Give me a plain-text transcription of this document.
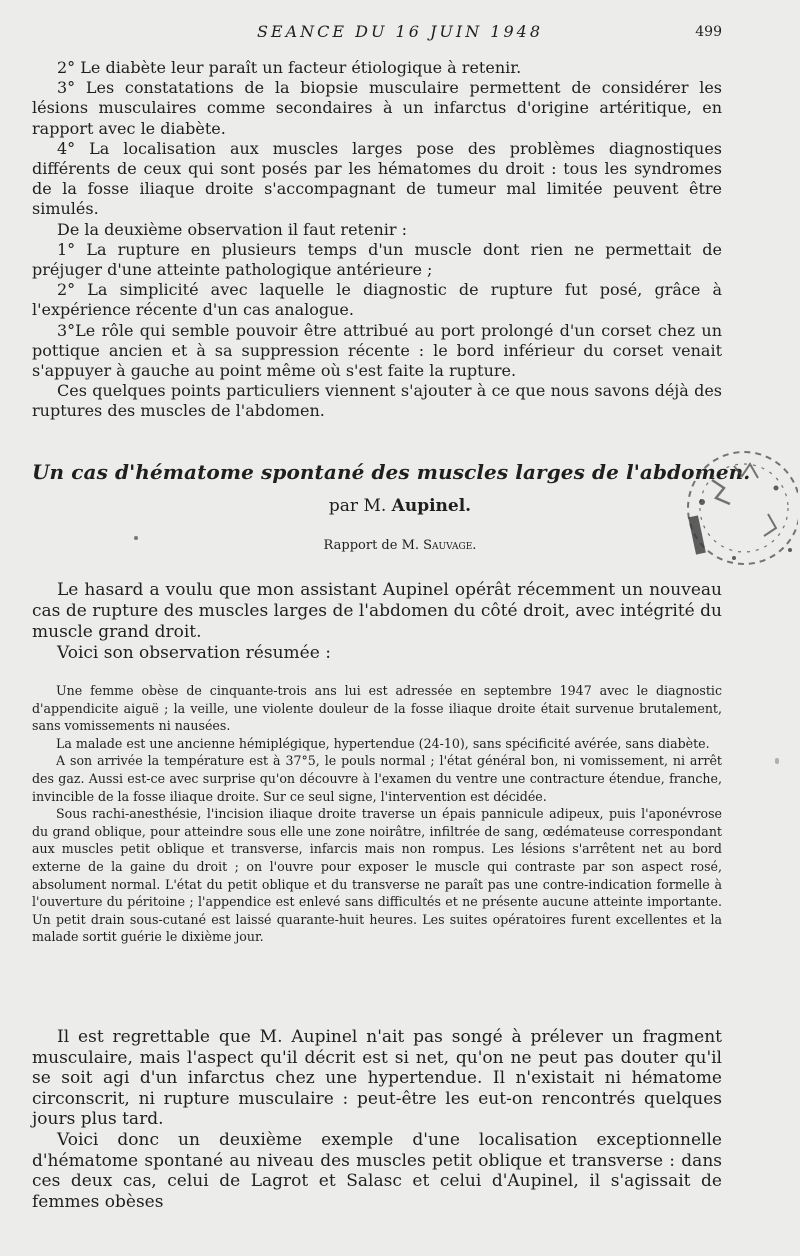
SEANCE DU 16 JUIN 1948	499

2° Le diabète leur paraît un facteur étiologique à retenir.

3° Les constatations de la biopsie musculaire permettent de considérer les lésions musculaires comme secondaires à un infarctus d'origine artéritique, en rapport avec le diabète.

4° La localisation aux muscles larges pose des problèmes diagnostiques différents de ceux qui sont posés par les hématomes du droit : tous les syndromes de la fosse iliaque droite s'accompagnant de tumeur mal limitée peuvent être simulés.

De la deuxième observation il faut retenir :

1° La rupture en plusieurs temps d'un muscle dont rien ne permettait de préjuger d'une atteinte pathologique antérieure ;

2° La simplicité avec laquelle le diagnostic de rupture fut posé, grâce à l'expérience récente d'un cas analogue.

3°Le rôle qui semble pouvoir être attribué au port prolongé d'un corset chez un pottique ancien et à sa suppression récente : le bord inférieur du corset venait s'appuyer à gauche au point même où s'est faite la rupture.

Ces quelques points particuliers viennent s'ajouter à ce que nous savons déjà des ruptures des muscles de l'abdomen.

Un cas d'hématome spontané des muscles larges de l'abdomen.
par M. Aupinel.
Rapport de M. Sauvage.

Le hasard a voulu que mon assistant Aupinel opérât récemment un nouveau cas de rupture des muscles larges de l'abdomen du côté droit, avec intégrité du muscle grand droit.

Voici son observation résumée :

Une femme obèse de cinquante-trois ans lui est adressée en septembre 1947 avec le diagnostic d'appendicite aiguë ; la veille, une violente douleur de la fosse iliaque droite était survenue brutalement, sans vomissements ni nausées.

La malade est une ancienne hémiplégique, hypertendue (24-10), sans spécificité avérée, sans diabète.

A son arrivée la température est à 37°5, le pouls normal ; l'état général bon, ni vomissement, ni arrêt des gaz. Aussi est-ce avec surprise qu'on découvre à l'examen du ventre une contracture étendue, franche, invincible de la fosse iliaque droite. Sur ce seul signe, l'intervention est décidée.

Sous rachi-anesthésie, l'incision iliaque droite traverse un épais pannicule adipeux, puis l'aponévrose du grand oblique, pour atteindre sous elle une zone noirâtre, infiltrée de sang, œdémateuse correspondant aux muscles petit oblique et transverse, infarcis mais non rompus. Les lésions s'arrêtent net au bord externe de la gaine du droit ; on l'ouvre pour exposer le muscle qui contraste par son aspect rosé, absolument normal. L'état du petit oblique et du transverse ne paraît pas une contre-indication formelle à l'ouverture du péritoine ; l'appendice est enlevé sans difficultés et ne présente aucune atteinte importante. Un petit drain sous-cutané est laissé quarante-huit heures. Les suites opératoires furent excellentes et la malade sortit guérie le dixième jour.

Il est regrettable que M. Aupinel n'ait pas songé à prélever un fragment musculaire, mais l'aspect qu'il décrit est si net, qu'on ne peut pas douter qu'il se soit agi d'un infarctus chez une hypertendue. Il n'existait ni hématome circonscrit, ni rupture musculaire : peut-être les eut-on rencontrés quelques jours plus tard.

Voici donc un deuxième exemple d'une localisation exceptionnelle d'hématome spontané au niveau des muscles petit oblique et transverse : dans ces deux cas, celui de Lagrot et Salasc et celui d'Aupinel, il s'agissait de femmes obèses
